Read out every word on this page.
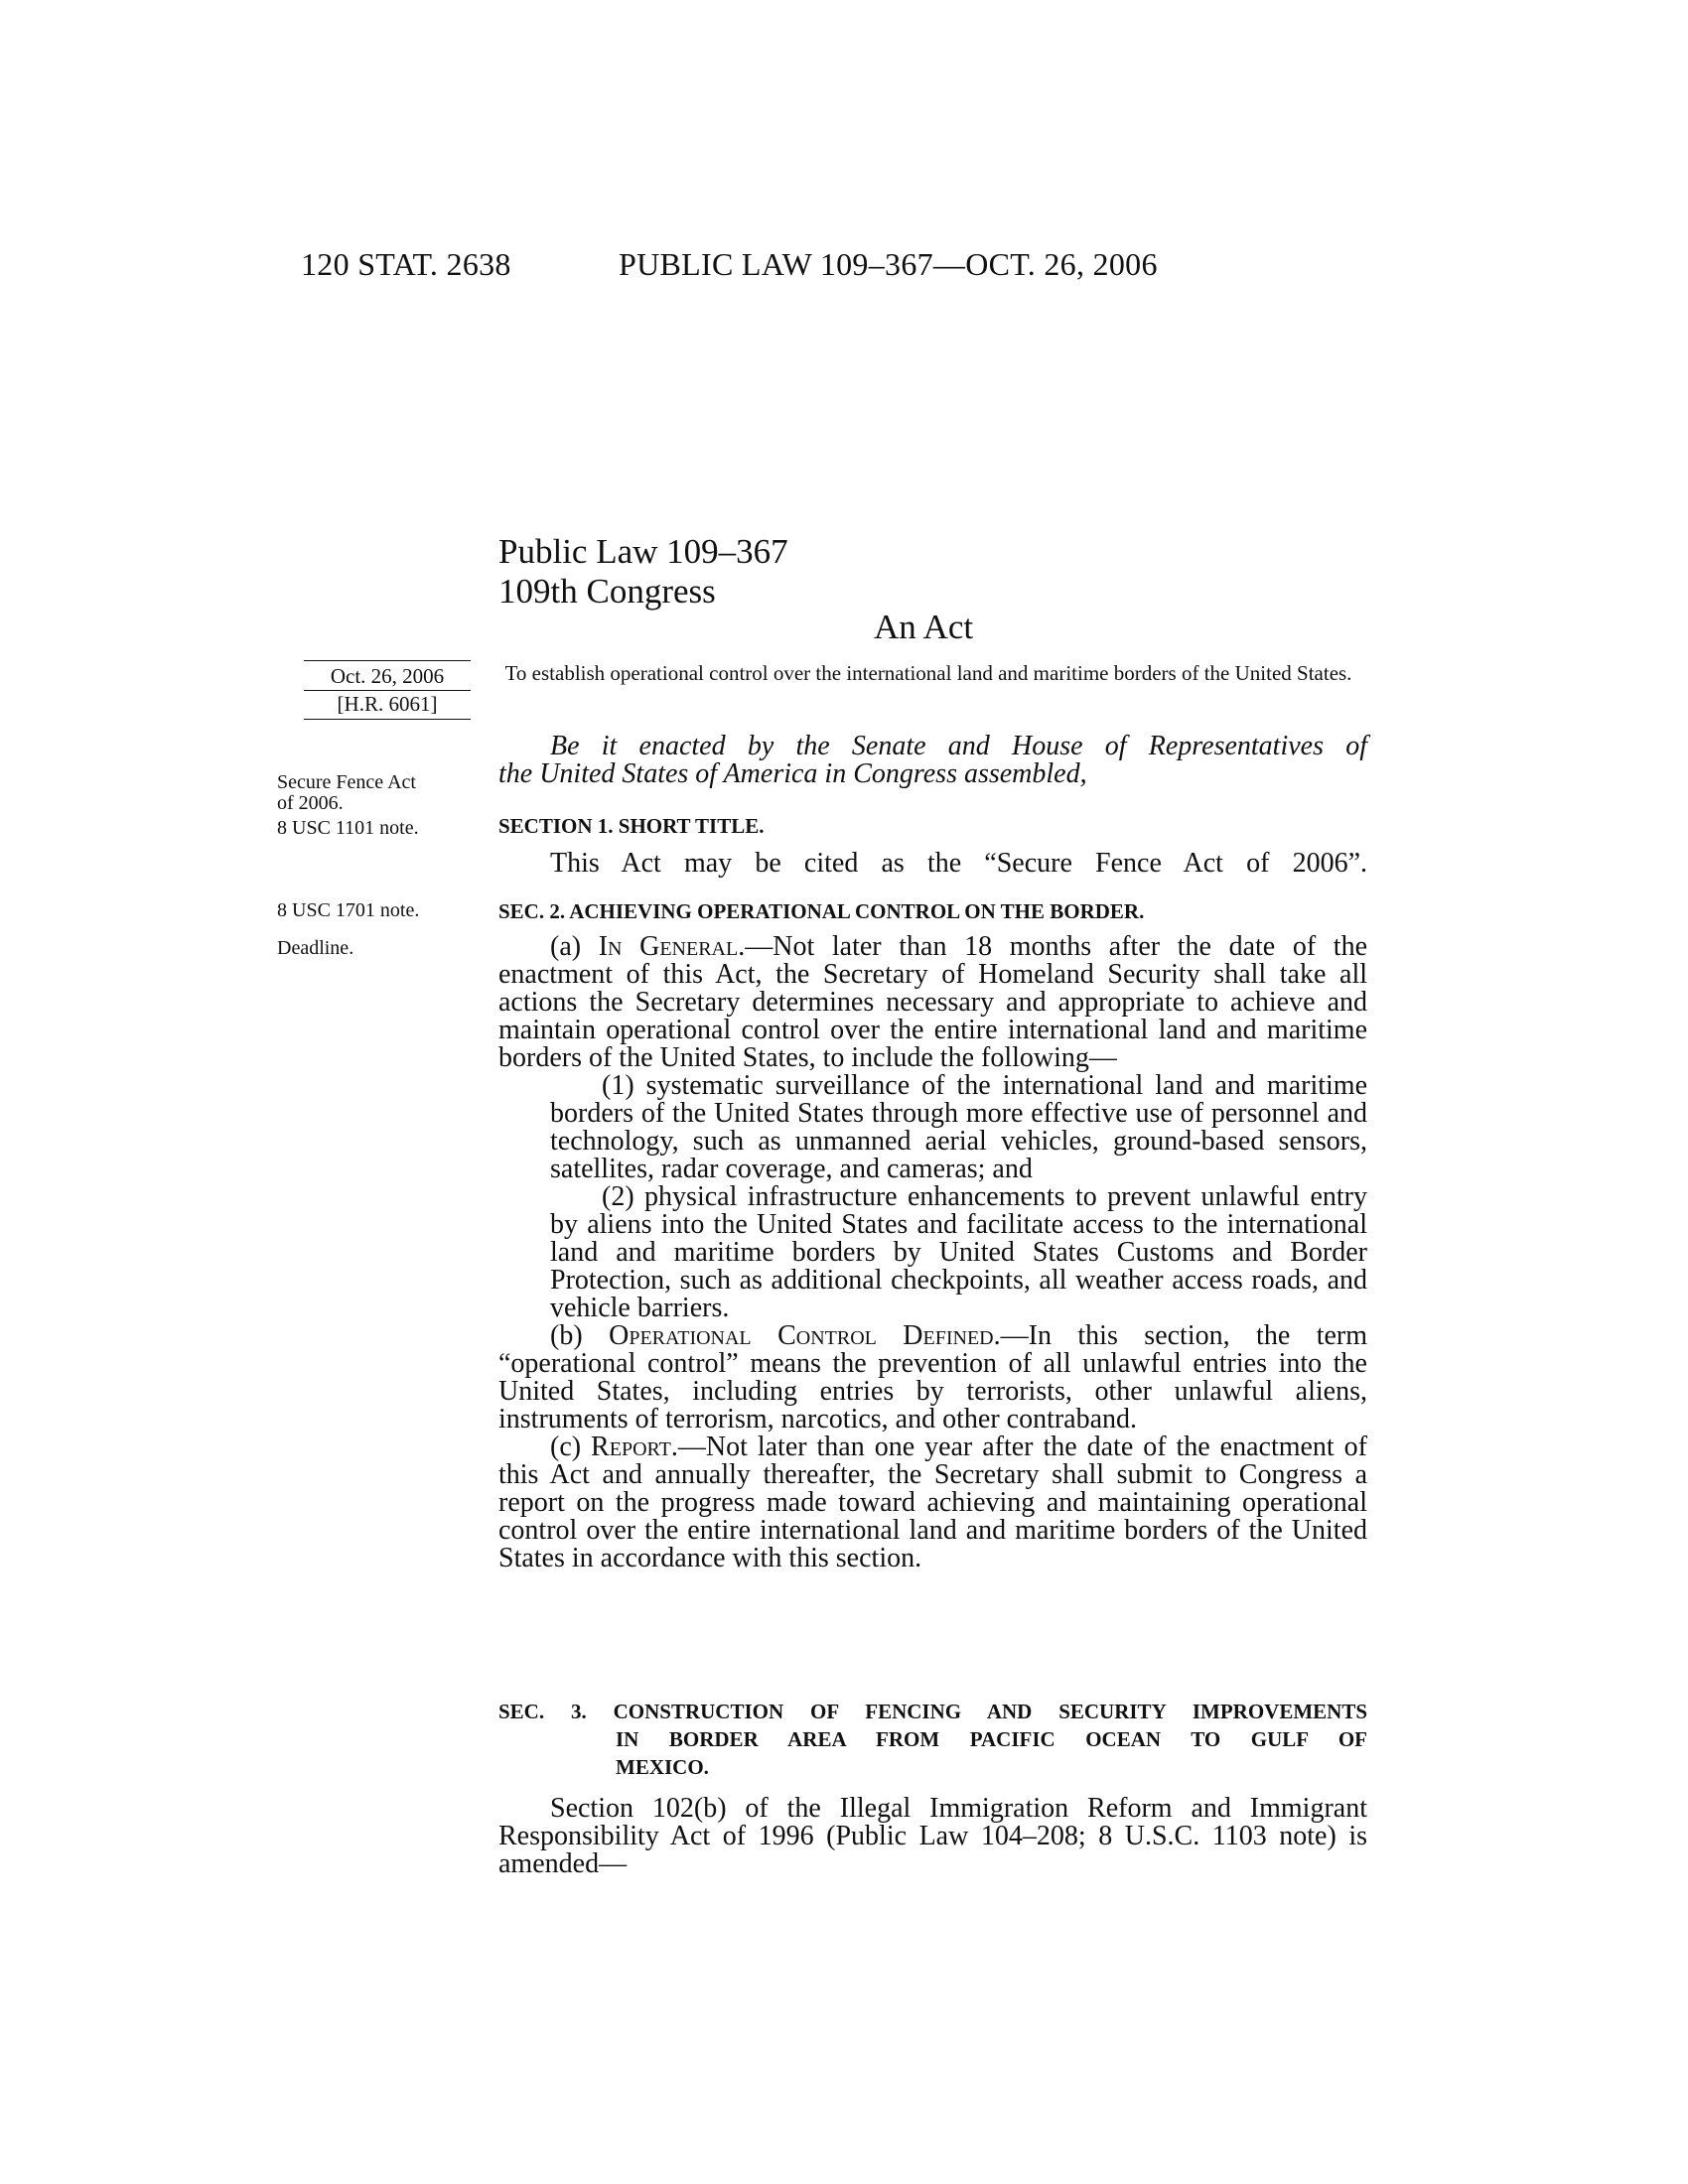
120 STAT. 2638	PUBLIC LAW 109–367—OCT. 26, 2006
Public Law 109–367
109th Congress
An Act
To establish operational control over the international land and maritime borders of the United States.
Oct. 26, 2006
[H.R. 6061]
Secure Fence Act
of 2006.
8 USC 1101 note.
8 USC 1701 note.
Deadline.
Be it enacted by the Senate and House of Representatives of
the United States of America in Congress assembled,
SECTION 1. SHORT TITLE.

This Act may be cited as the “Secure Fence Act of 2006”.

SEC. 2. ACHIEVING OPERATIONAL CONTROL ON THE BORDER.

(a) In General.—Not later than 18 months after the date of the enactment of this Act, the Secretary of Homeland Security shall take all actions the Secretary determines necessary and appropriate to achieve and maintain operational control over the entire international land and maritime borders of the United States, to include the following—

(1) systematic surveillance of the international land and maritime borders of the United States through more effective use of personnel and technology, such as unmanned aerial vehicles, ground-based sensors, satellites, radar coverage, and cameras; and

(2) physical infrastructure enhancements to prevent unlawful entry by aliens into the United States and facilitate access to the international land and maritime borders by United States Customs and Border Protection, such as additional checkpoints, all weather access roads, and vehicle barriers.

(b) Operational Control Defined.—In this section, the term “operational control” means the prevention of all unlawful entries into the United States, including entries by terrorists, other unlawful aliens, instruments of terrorism, narcotics, and other contraband.

(c) Report.—Not later than one year after the date of the enactment of this Act and annually thereafter, the Secretary shall submit to Congress a report on the progress made toward achieving and maintaining operational control over the entire international land and maritime borders of the United States in accordance with this section.

SEC. 3. CONSTRUCTION OF FENCING AND SECURITY IMPROVEMENTS
IN BORDER AREA FROM PACIFIC OCEAN TO GULF OF
MEXICO.

Section 102(b) of the Illegal Immigration Reform and Immigrant Responsibility Act of 1996 (Public Law 104–208; 8 U.S.C. 1103 note) is amended—
